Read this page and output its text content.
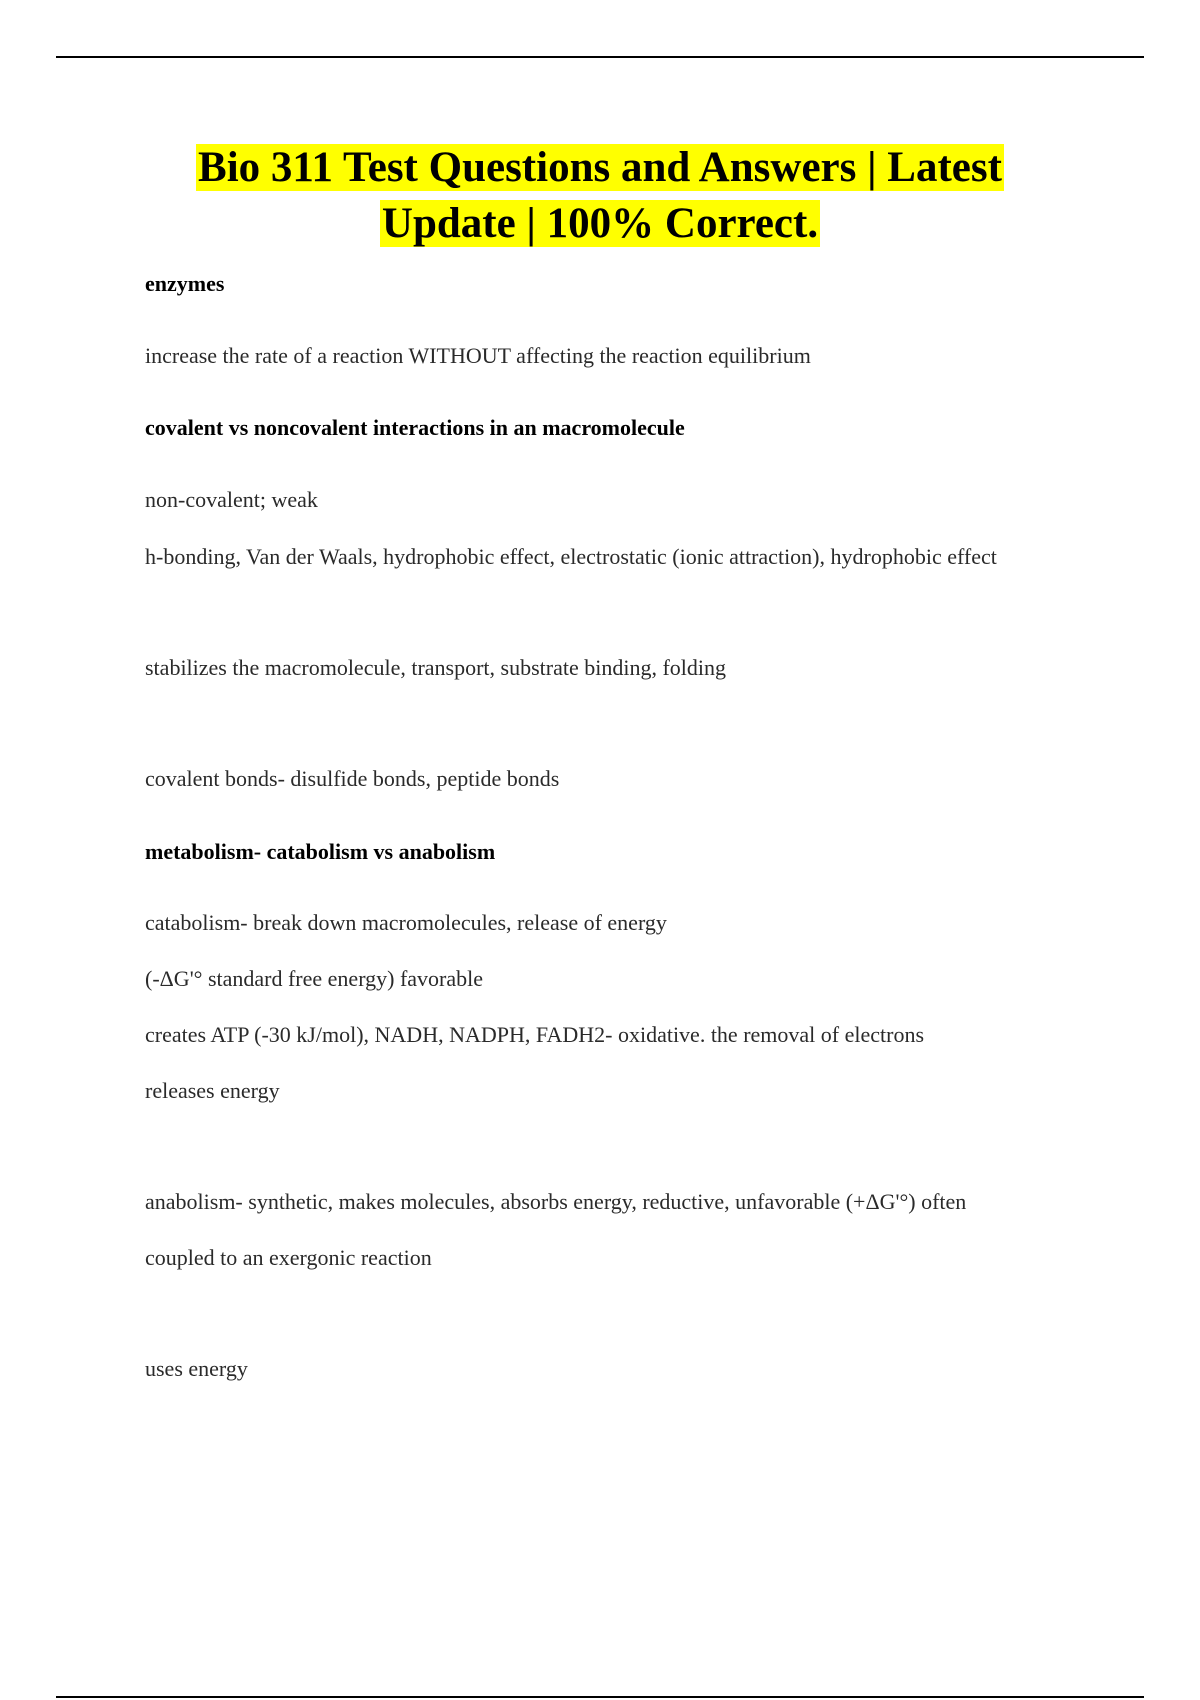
Bio 311 Test Questions and Answers | Latest
Update | 100% Correct.

enzymes

increase the rate of a reaction WITHOUT affecting the reaction equilibrium

covalent vs noncovalent interactions in an macromolecule

non-covalent; weak

h-bonding, Van der Waals, hydrophobic effect, electrostatic (ionic attraction), hydrophobic effect

stabilizes the macromolecule, transport, substrate binding, folding

covalent bonds- disulfide bonds, peptide bonds

metabolism- catabolism vs anabolism

catabolism- break down macromolecules, release of energy

(-ΔG'° standard free energy) favorable

creates ATP (-30 kJ/mol), NADH, NADPH, FADH2- oxidative. the removal of electrons

releases energy

anabolism- synthetic, makes molecules, absorbs energy, reductive, unfavorable (+ΔG'°) often

coupled to an exergonic reaction

uses energy
